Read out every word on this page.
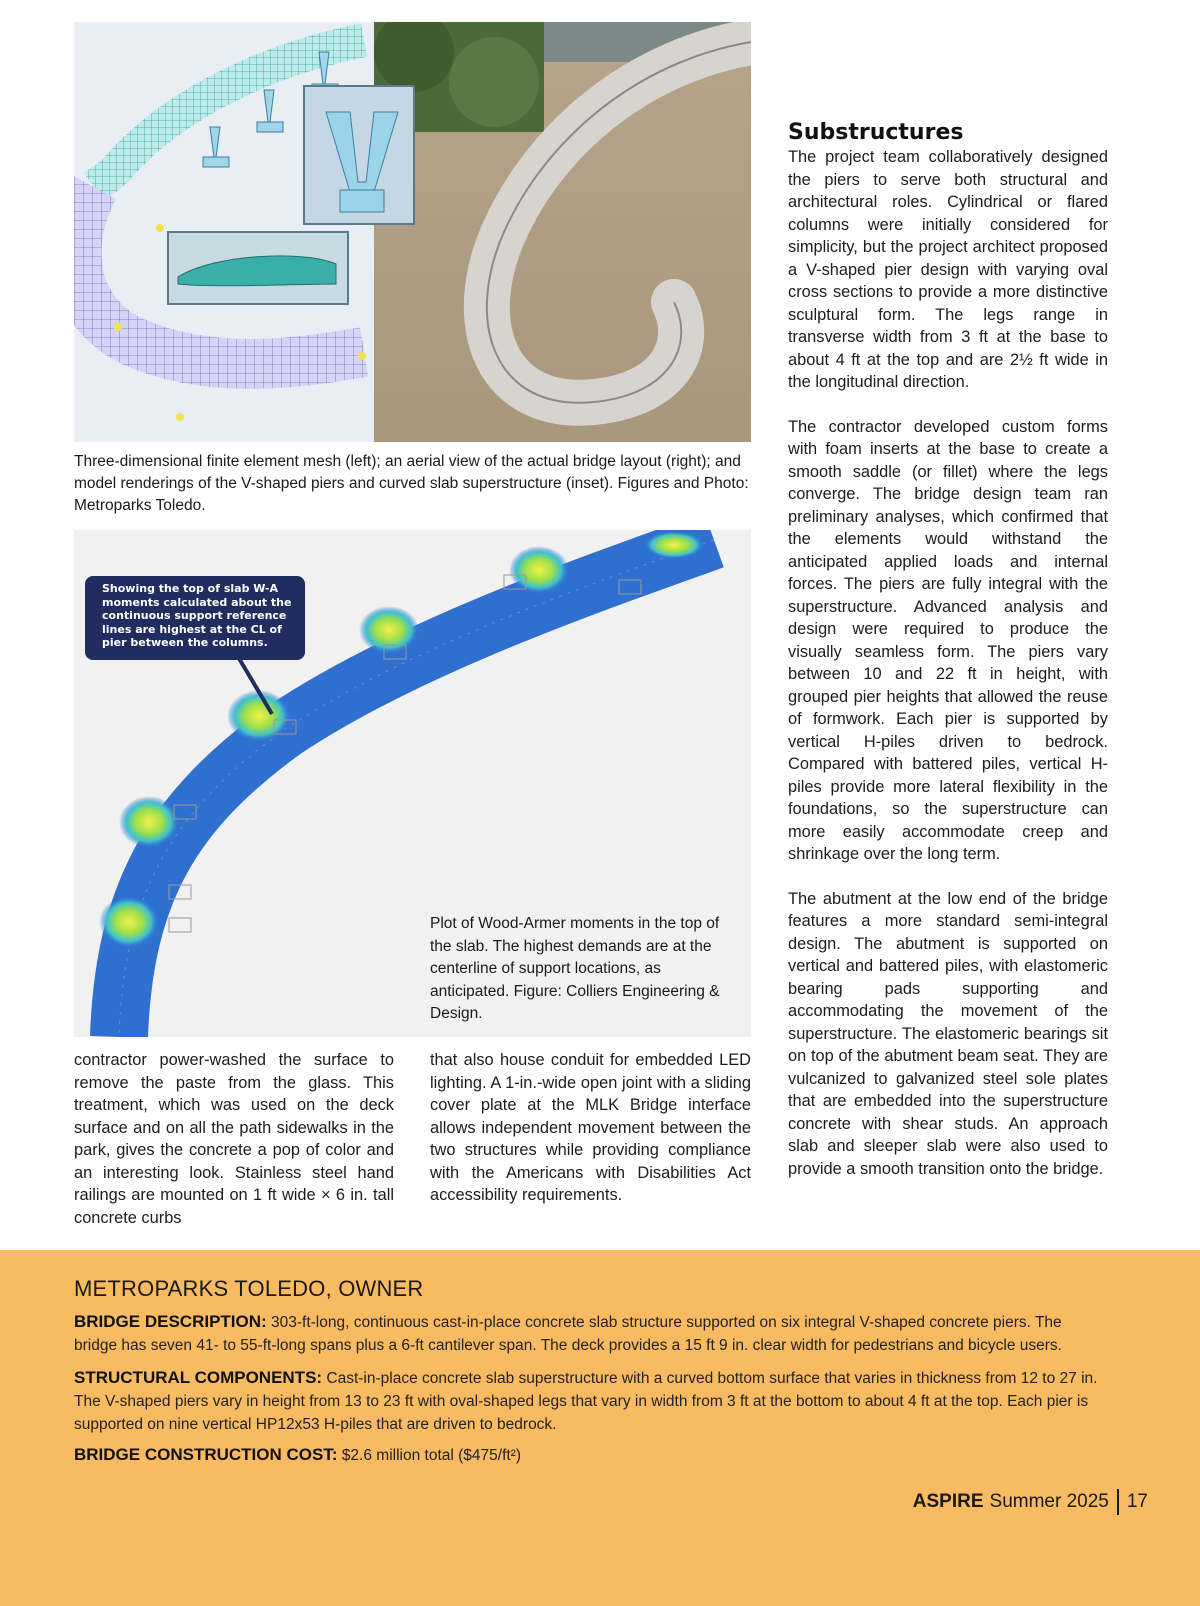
Three-dimensional finite element mesh (left); an aerial view of the actual bridge layout (right); and model renderings of the V-shaped piers and curved slab superstructure (inset). Figures and Photo: Metroparks Toledo.
Showing the top of slab W-A moments calculated about the continuous support reference lines are highest at the CL of pier between the columns.
Plot of Wood-Armer moments in the top of the slab. The highest demands are at the centerline of support locations, as anticipated. Figure: Colliers Engineering & Design.

contractor power-washed the surface to remove the paste from the glass. This treatment, which was used on the deck surface and on all the path sidewalks in the park, gives the concrete a pop of color and an interesting look. Stainless steel hand railings are mounted on 1 ft wide × 6 in. tall concrete curbs

that also house conduit for embedded LED lighting. A 1-in.-wide open joint with a sliding cover plate at the MLK Bridge interface allows independent movement between the two structures while providing compliance with the Americans with Disabilities Act accessibility requirements.

Substructures

The project team collaboratively designed the piers to serve both structural and architectural roles. Cylindrical or flared columns were initially considered for simplicity, but the project architect proposed a V-shaped pier design with varying oval cross sections to provide a more distinctive sculptural form. The legs range in transverse width from 3 ft at the base to about 4 ft at the top and are 2½ ft wide in the longitudinal direction.

The contractor developed custom forms with foam inserts at the base to create a smooth saddle (or fillet) where the legs converge. The bridge design team ran preliminary analyses, which confirmed that the elements would withstand the anticipated applied loads and internal forces. The piers are fully integral with the superstructure. Advanced analysis and design were required to produce the visually seamless form. The piers vary between 10 and 22 ft in height, with grouped pier heights that allowed the reuse of formwork. Each pier is supported by vertical H-piles driven to bedrock. Compared with battered piles, vertical H-piles provide more lateral flexibility in the foundations, so the superstructure can more easily accommodate creep and shrinkage over the long term.

The abutment at the low end of the bridge features a more standard semi-integral design. The abutment is supported on vertical and battered piles, with elastomeric bearing pads supporting and accommodating the movement of the superstructure. The elastomeric bearings sit on top of the abutment beam seat. They are vulcanized to galvanized steel sole plates that are embedded into the superstructure concrete with shear studs. An approach slab and sleeper slab were also used to provide a smooth transition onto the bridge.

METROPARKS TOLEDO, OWNER
BRIDGE DESCRIPTION: 303-ft-long, continuous cast-in-place concrete slab structure supported on six integral V-shaped concrete piers. The bridge has seven 41- to 55-ft-long spans plus a 6-ft cantilever span. The deck provides a 15 ft 9 in. clear width for pedestrians and bicycle users.
STRUCTURAL COMPONENTS: Cast-in-place concrete slab superstructure with a curved bottom surface that varies in thickness from 12 to 27 in. The V-shaped piers vary in height from 13 to 23 ft with oval-shaped legs that vary in width from 3 ft at the bottom to about 4 ft at the top. Each pier is supported on nine vertical HP12x53 H-piles that are driven to bedrock.
BRIDGE CONSTRUCTION COST: $2.6 million total ($475/ft²)
ASPIRE Summer 2025 17
